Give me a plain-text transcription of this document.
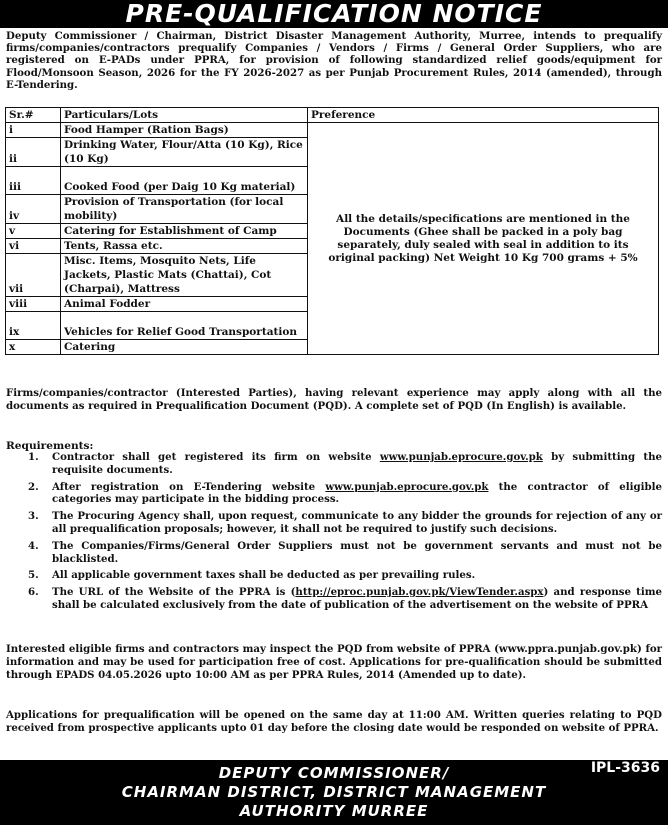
PRE-QUALIFICATION NOTICE
Deputy Commissioner / Chairman, District Disaster Management Authority, Murree, intends to prequalify firms/companies/contractors prequalify Companies / Vendors / Firms / General Order Suppliers, who are registered on E-PADs under PPRA, for provision of following standardized relief goods/equipment for Flood/Monsoon Season, 2026 for the FY 2026-2027 as per Punjab Procurement Rules, 2014 (amended), through E-Tendering.
Sr.#	Particulars/Lots	Preference
i	Food Hamper (Ration Bags)	All the details/specifications are mentioned in the Documents (Ghee shall be packed in a poly bag separately, duly sealed with seal in addition to its original packing) Net Weight 10 Kg 700 grams + 5%
ii	Drinking Water, Flour/Atta (10 Kg), Rice (10 Kg)	
iii	Cooked Food (per Daig 10 Kg material)	
iv	Provision of Transportation (for local mobility)	
v	Catering for Establishment of Camp	
vi	Tents, Rassa etc.	
vii	Misc. Items, Mosquito Nets, Life Jackets, Plastic Mats (Chattai), Cot (Charpai), Mattress	
viii	Animal Fodder	
ix	Vehicles for Relief Good Transportation	
x	Catering	
Firms/companies/contractor (Interested Parties), having relevant experience may apply along with all the documents as required in Prequalification Document (PQD). A complete set of PQD (In English) is available.
Requirements:
1. Contractor shall get registered its firm on website www.punjab.eprocure.gov.pk by submitting the requisite documents.
2. After registration on E-Tendering website www.punjab.eprocure.gov.pk the contractor of eligible categories may participate in the bidding process.
3. The Procuring Agency shall, upon request, communicate to any bidder the grounds for rejection of any or all prequalification proposals; however, it shall not be required to justify such decisions.
4. The Companies/Firms/General Order Suppliers must not be government servants and must not be blacklisted.
5. All applicable government taxes shall be deducted as per prevailing rules.
6. The URL of the Website of the PPRA is (http://eproc.punjab.gov.pk/ViewTender.aspx) and response time shall be calculated exclusively from the date of publication of the advertisement on the website of PPRA
Interested eligible firms and contractors may inspect the PQD from website of PPRA (www.ppra.punjab.gov.pk) for information and may be used for participation free of cost. Applications for pre-qualification should be submitted through EPADS 04.05.2026 upto 10:00 AM as per PPRA Rules, 2014 (Amended up to date).
Applications for prequalification will be opened on the same day at 11:00 AM. Written queries relating to PQD received from prospective applicants upto 01 day before the closing date would be responded on website of PPRA.
IPL-3636
DEPUTY COMMISSIONER/
CHAIRMAN DISTRICT, DISTRICT MANAGEMENT
AUTHORITY MURREE
